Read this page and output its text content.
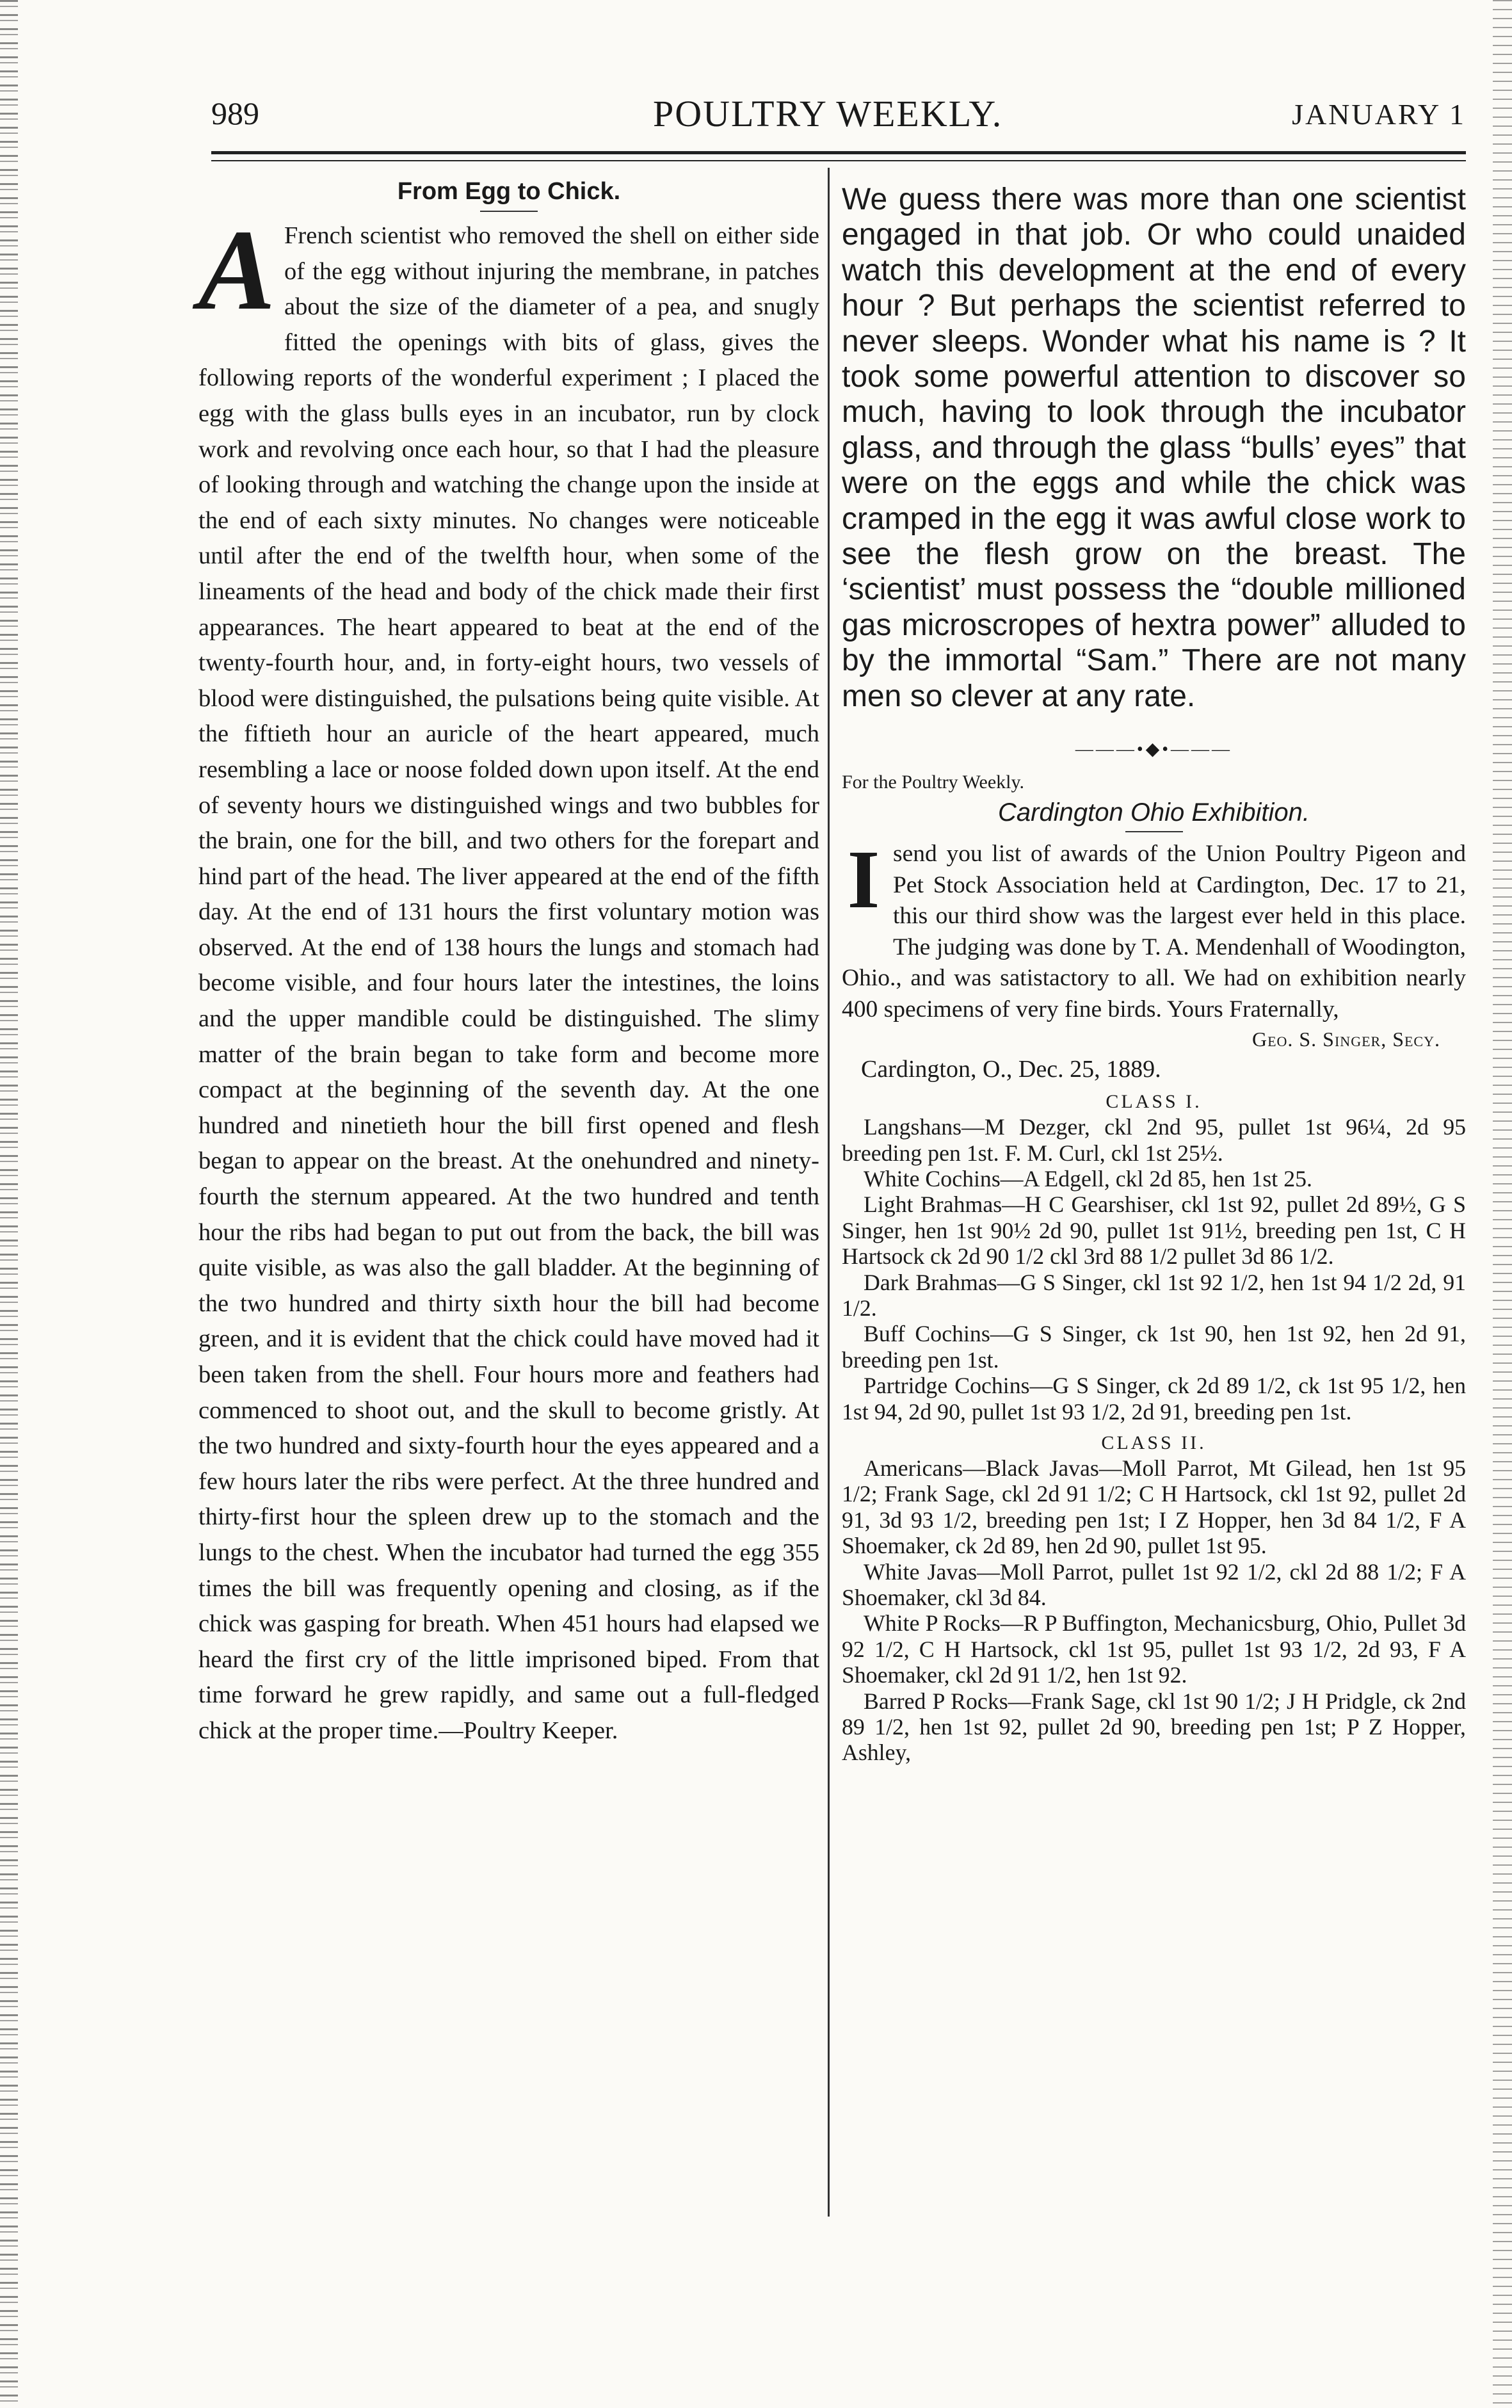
989	POULTRY WEEKLY.	JANUARY 1
From Egg to Chick.

A French scientist who removed the shell on either side of the egg without injuring the membrane, in patches about the size of the diameter of a pea, and snugly fitted the openings with bits of glass, gives the following reports of the wonderful experiment ; I placed the egg with the glass bulls eyes in an incubator, run by clock work and revolving once each hour, so that I had the pleasure of looking through and watching the change upon the inside at the end of each sixty minutes. No changes were noticeable until after the end of the twelfth hour, when some of the lineaments of the head and body of the chick made their first appearances. The heart appeared to beat at the end of the twenty-fourth hour, and, in forty-eight hours, two vessels of blood were distinguished, the pulsations being quite visible. At the fiftieth hour an auricle of the heart appeared, much resembling a lace or noose folded down upon itself. At the end of seventy hours we distinguished wings and two bubbles for the brain, one for the bill, and two others for the forepart and hind part of the head. The liver appeared at the end of the fifth day. At the end of 131 hours the first voluntary motion was observed. At the end of 138 hours the lungs and stomach had become visible, and four hours later the intestines, the loins and the upper mandible could be distinguished. The slimy matter of the brain began to take form and become more compact at the beginning of the seventh day. At the one hundred and ninetieth hour the bill first opened and flesh began to appear on the breast. At the onehundred and ninety-fourth the sternum appeared. At the two hundred and tenth hour the ribs had began to put out from the back, the bill was quite visible, as was also the gall bladder. At the beginning of the two hundred and thirty sixth hour the bill had become green, and it is evident that the chick could have moved had it been taken from the shell. Four hours more and feathers had commenced to shoot out, and the skull to become gristly. At the two hundred and sixty-fourth hour the eyes appeared and a few hours later the ribs were perfect. At the three hundred and thirty-first hour the spleen drew up to the stomach and the lungs to the chest. When the incubator had turned the egg 355 times the bill was frequently opening and closing, as if the chick was gasping for breath. When 451 hours had elapsed we heard the first cry of the little imprisoned biped. From that time forward he grew rapidly, and same out a full-fledged chick at the proper time.—Poultry Keeper.

We guess there was more than one scientist engaged in that job. Or who could unaided watch this development at the end of every hour ? But perhaps the scientist referred to never sleeps. Wonder what his name is ? It took some powerful attention to discover so much, having to look through the incubator glass, and through the glass “bulls’ eyes” that were on the eggs and while the chick was cramped in the egg it was awful close work to see the flesh grow on the breast. The ‘scientist’ must possess the “double millioned gas microscropes of hextra power” alluded to by the immortal “Sam.” There are not many men so clever at any rate.

———•◆•———
For the Poultry Weekly.
Cardington Ohio Exhibition.

I send you list of awards of the Union Poultry Pigeon and Pet Stock Association held at Cardington, Dec. 17 to 21, this our third show was the largest ever held in this place. The judging was done by T. A. Mendenhall of Woodington, Ohio., and was satistactory to all. We had on exhibition nearly 400 specimens of very fine birds. Yours Fraternally,

Geo. S. Singer, Secy.
Cardington, O., Dec. 25, 1889.
CLASS I.

Langshans—M Dezger, ckl 2nd 95, pullet 1st 96¼, 2d 95 breeding pen 1st. F. M. Curl, ckl 1st 25½.

White Cochins—A Edgell, ckl 2d 85, hen 1st 25.

Light Brahmas—H C Gearshiser, ckl 1st 92, pullet 2d 89½, G S Singer, hen 1st 90½ 2d 90, pullet 1st 91½, breeding pen 1st, C H Hartsock ck 2d 90 1/2 ckl 3rd 88 1/2 pullet 3d 86 1/2.

Dark Brahmas—G S Singer, ckl 1st 92 1/2, hen 1st 94 1/2 2d, 91 1/2.

Buff Cochins—G S Singer, ck 1st 90, hen 1st 92, hen 2d 91, breeding pen 1st.

Partridge Cochins—G S Singer, ck 2d 89 1/2, ck 1st 95 1/2, hen 1st 94, 2d 90, pullet 1st 93 1/2, 2d 91, breeding pen 1st.

CLASS II.

Americans—Black Javas—Moll Parrot, Mt Gilead, hen 1st 95 1/2; Frank Sage, ckl 2d 91 1/2; C H Hartsock, ckl 1st 92, pullet 2d 91, 3d 93 1/2, breeding pen 1st; I Z Hopper, hen 3d 84 1/2, F A Shoemaker, ck 2d 89, hen 2d 90, pullet 1st 95.

White Javas—Moll Parrot, pullet 1st 92 1/2, ckl 2d 88 1/2; F A Shoemaker, ckl 3d 84.

White P Rocks—R P Buffington, Mechanicsburg, Ohio, Pullet 3d 92 1/2, C H Hartsock, ckl 1st 95, pullet 1st 93 1/2, 2d 93, F A Shoemaker, ckl 2d 91 1/2, hen 1st 92.

Barred P Rocks—Frank Sage, ckl 1st 90 1/2; J H Pridgle, ck 2nd 89 1/2, hen 1st 92, pullet 2d 90, breeding pen 1st; P Z Hopper, Ashley,
